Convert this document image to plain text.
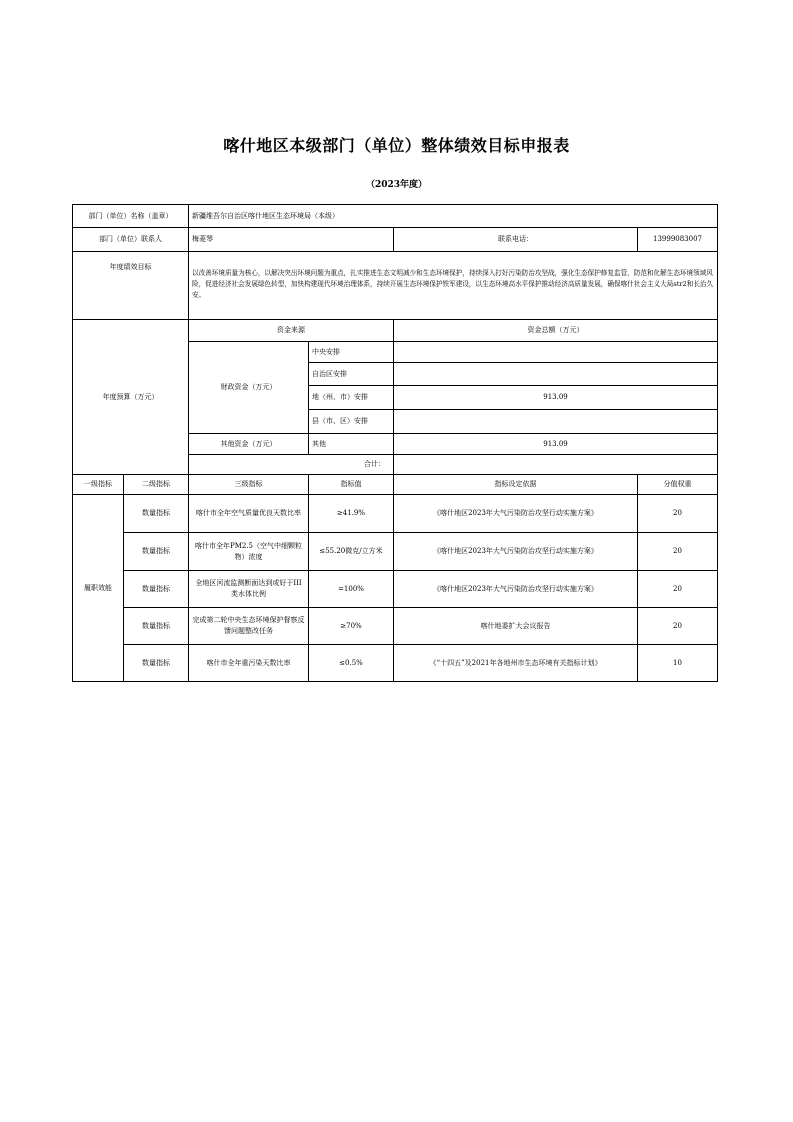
喀什地区本级部门（单位）整体绩效目标申报表
（2023年度）
部门（单位）名称（盖章）		新疆维吾尔自治区喀什地区生态环境局（本级）			
部门（单位）联系人		梅菱琴		联系电话：	13999083007
年度绩效目标		以改善环境质量为核心，以解决突出环境问题为重点，扎实推进生态文明减少和生态环境保护，持续深入打好污染防治攻坚战，强化生态保护修复监管，防范和化解生态环境领域风险，促进经济社会发展绿色转型，加快构建现代环境治理体系，持续开展生态环境保护铁军建设，以生态环境高水平保护推动经济高质量发展，确保喀什社会主义大局str2和长治久安。			
年度预算（万元）		资金来源		资金总额（万元）	
		财政资金（万元）	中央安排		
			自治区安排		
			地（州、市）安排	913.09	
			县（市、区）安排		
		其他资金（万元）	其他	913.09	
		合计：			
一级指标	二级指标	三级指标	指标值	指标设定依据	分值权重
履职效能	数量指标	喀什市全年空气质量优良天数比率	≥41.9%	《喀什地区2023年大气污染防治攻坚行动实施方案》	20
	数量指标	喀什市全年PM2.5（空气中细颗粒物）浓度	≤55.20微克/立方米	《喀什地区2023年大气污染防治攻坚行动实施方案》	20
	数量指标	全地区河流监测断面达到或好于III类水体比例	=100%	《喀什地区2023年大气污染防治攻坚行动实施方案》	20
	数量指标	完成第二轮中央生态环境保护督察反馈问题整改任务	≥70%	喀什地委扩大会议报告	20
	数量指标	喀什市全年重污染天数比率	≤0.5%	《“十四五”及2021年各地州市生态环境有关指标计划》	10
